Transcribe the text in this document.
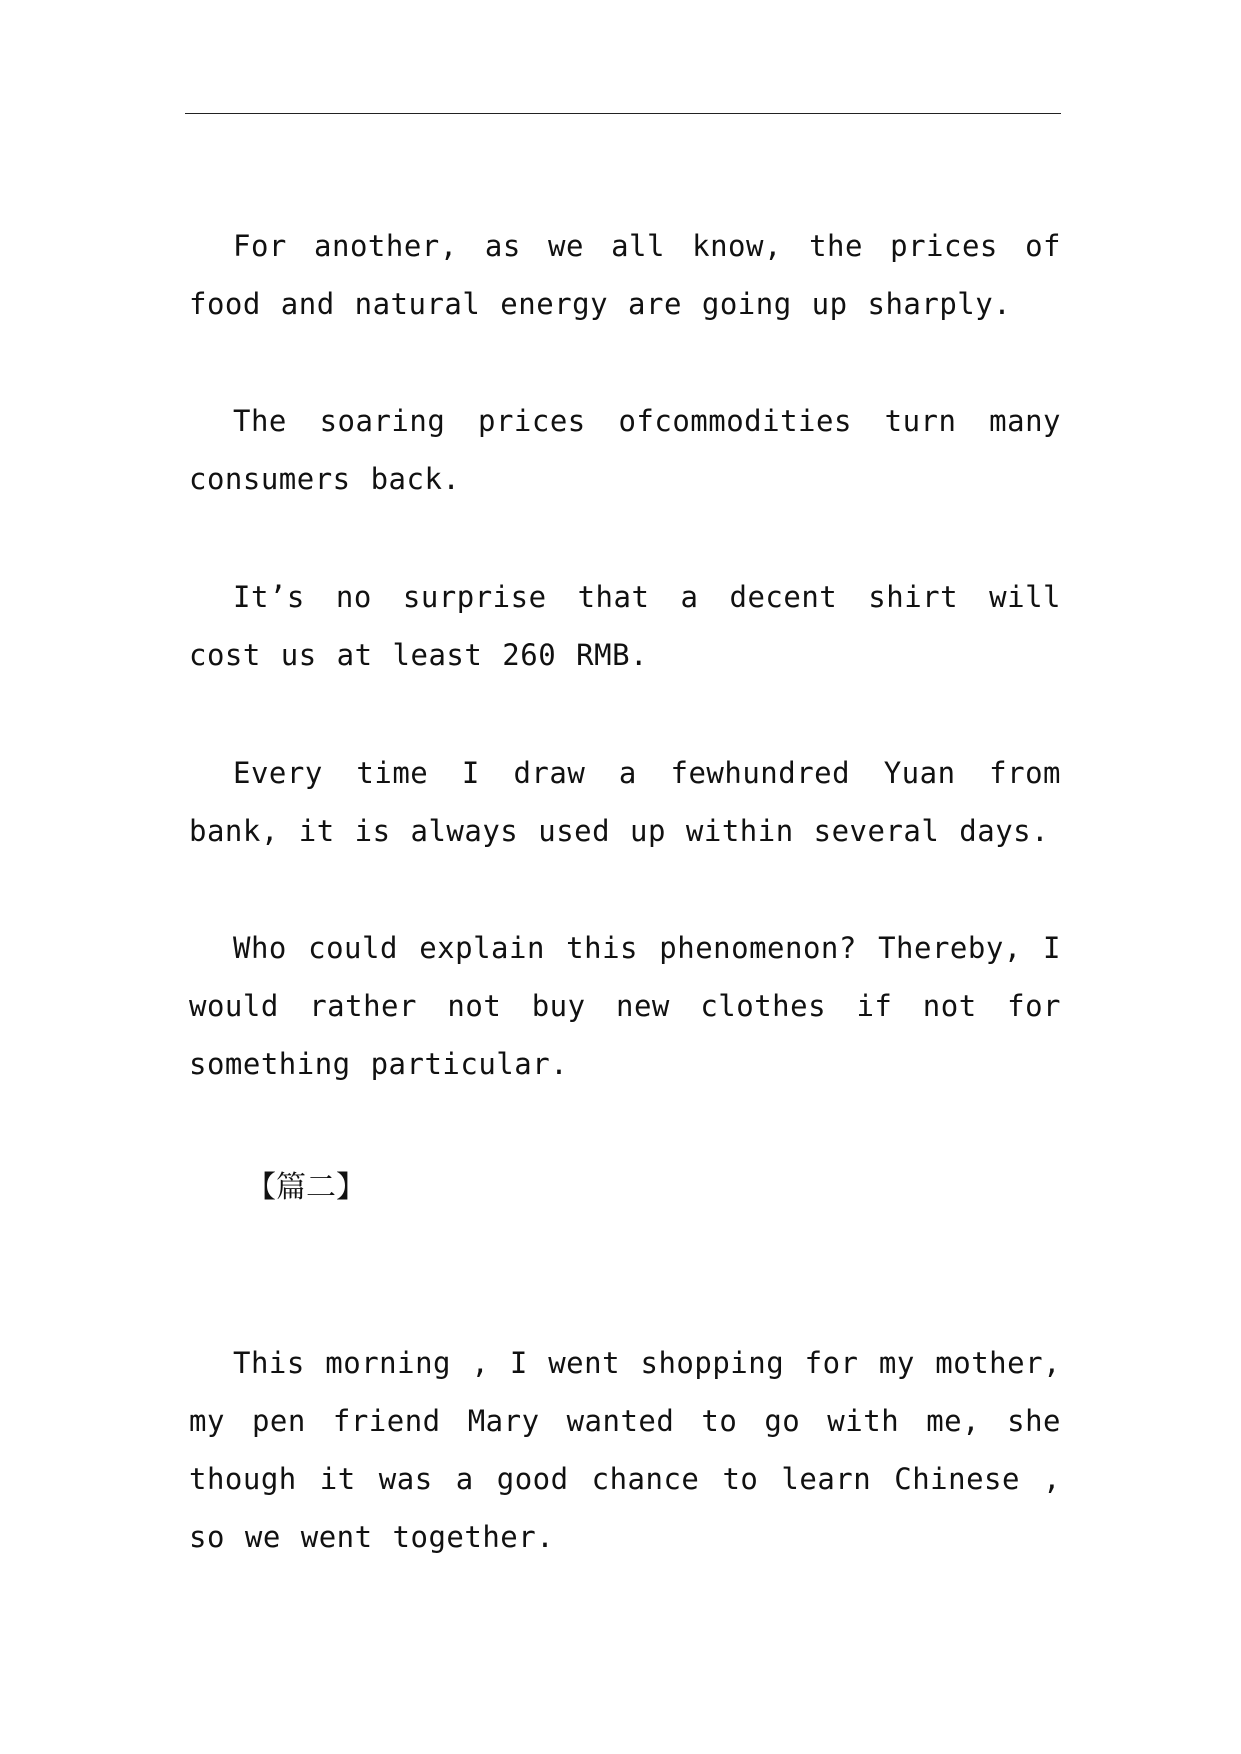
For another, as we all know, the prices of food and natural energy are going up sharply.

The soaring prices ofcommodities turn many consumers back.

It’s no surprise that a decent shirt will cost us at least 260 RMB.

Every time I draw a fewhundred Yuan from bank, it is always used up within several days.

Who could explain this phenomenon? Thereby, I would rather not buy new clothes if not for something particular.

【篇二】

This morning , I went shopping for my mother, my pen friend Mary wanted to go with me, she though it was a good chance to learn Chinese , so we went together.
